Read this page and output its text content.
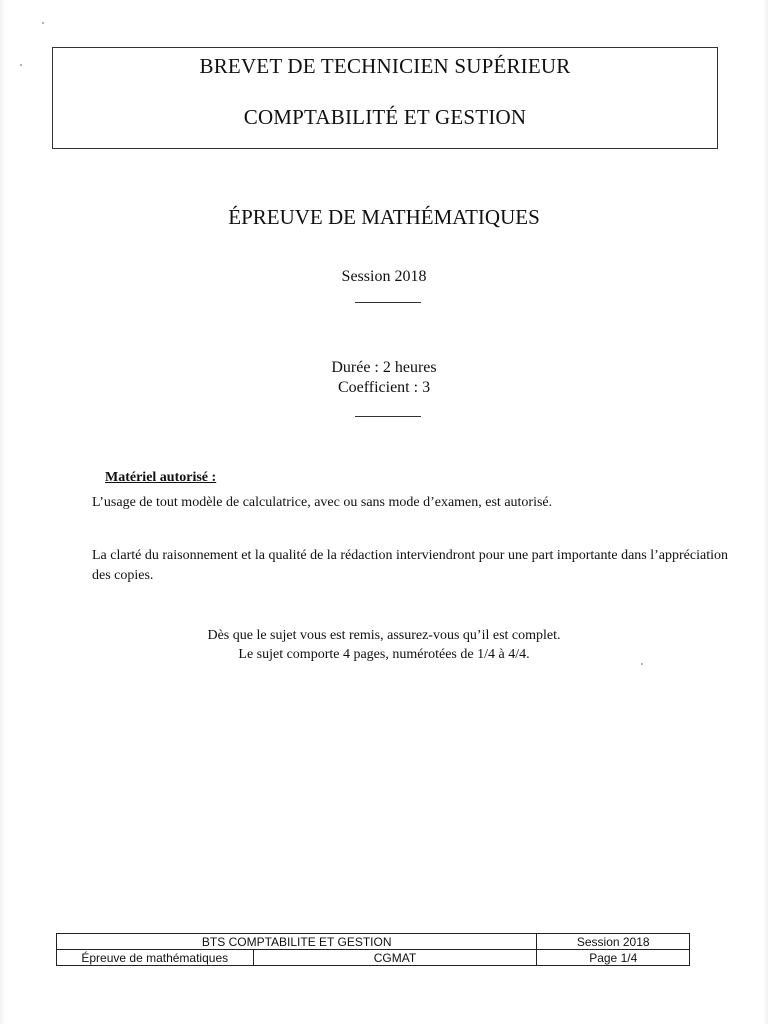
BREVET DE TECHNICIEN SUPÉRIEUR
COMPTABILITÉ ET GESTION
ÉPREUVE DE MATHÉMATIQUES
Session 2018
Durée : 2 heures
Coefficient : 3
Matériel autorisé :
L’usage de tout modèle de calculatrice, avec ou sans mode d’examen, est autorisé.
La clarté du raisonnement et la qualité de la rédaction interviendront pour une part importante dans l’appréciation des copies.
Dès que le sujet vous est remis, assurez-vous qu’il est complet.
Le sujet comporte 4 pages, numérotées de 1/4 à 4/4.
BTS COMPTABILITE ET GESTION		Session 2018
Épreuve de mathématiques	CGMAT	Page 1/4
